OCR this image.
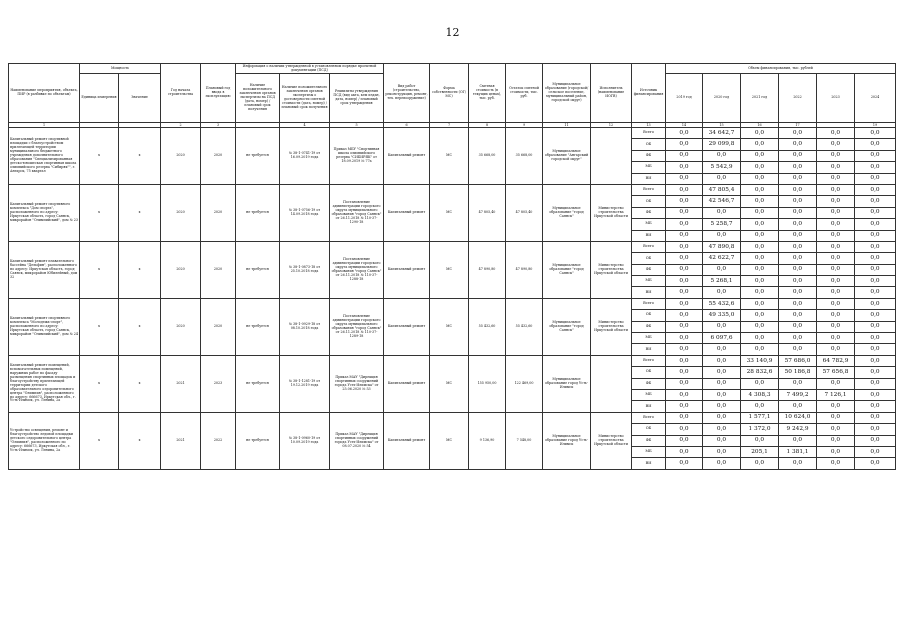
12
Наименование мероприятия, объекта, ПИР (в разбивке по объектам)	Мощность		Год начала строительства	Плановый год ввода в эксплуатацию	Информация о наличии утвержденной в установленном порядке проектной документации (ПСД)			Вид работ (строительство, реконструкция, ремонт, тех. перевооружение)	Форма собственности (ОГ/ МС)	Сметная стоимость (в текущих ценах), тыс. руб.	Остаток сметной стоимости, тыс. руб.	Муниципальное образование (городской/сельское поселение, муниципальный район, городской округ)	Исполнитель (наименование ИОГВ)	Источник финансирования	Объем финансирования, тыс. рублей					
	Единица измерения	Значение																		
					Наличие положительного заключения органов экспертизы на ПСД (дата, номер) / плановый срок получения	Наличие положительного заключения органов экспертизы о достоверности сметной стоимости (дата, номер) / плановый срок получения	Реквизиты утверждения ПСД (вид акта, кем издан, дата, номер) / плановый срок утверждения								2019 год	2020 год	2021 год	2022	2023	2024
1			2	3		4	5	6	7	8	9	11	12	13	14	15	16	17		19
Капитальный ремонт спортивной площадки с благоустройством прилегающей территории муниципального бюджетного учреждения дополнительного образования "Специализированная детско-юношеская спортивная школа олимпийского резерва "Сибиряк"", г. Ангарск, 75 квартал	x	x	2020	2020	не требуется	№ 38-1-0741-19 от 16.09.2019 года	Приказ МБУ "Спортивная школа олимпийского резерва "СИБИРЯК" от 18.09.2019 № 77а	Капитальный ремонт	МС	35 668,00	35 668,00	Муниципальное образование "Ангарский городской округ"		Всего	0,0	34 642,7	0,0	0,0	0,0	0,0
														ОБ	0,0	29 099,8	0,0	0,0	0,0	0,0
														ФБ	0,0	0,0	0,0	0,0	0,0	0,0
														МБ	0,0	5 542,9	0,0	0,0	0,0	0,0
														ВИ	0,0	0,0	0,0	0,0	0,0	0,0
Капитальный ремонт спортивного комплекса "Дом спорта", расположенного по адресу: Иркутская область, город Саянск, микрорайон "Олимпийский", дом № 23	x	x	2020	2020	не требуется	№ 38-1-0756-19 от 14.09.2018 года	Постановление администрации городского округа муниципального образования "город Саянск" от 26.11.2018 № 110-37-1290-18	Капитальный ремонт	МС	47 805,40	47 805,40	Муниципальное образование "город Саянск"	Министерство строительства Иркутской области	Всего	0,0	47 805,4	0,0	0,0	0,0	0,0
														ОБ	0,0	42 546,7	0,0	0,0	0,0	0,0
														ФБ	0,0	0,0	0,0	0,0	0,0	0,0
														МБ	0,0	5 258,7	0,0	0,0	0,0	0,0
														ВИ	0,0	0,0	0,0	0,0	0,0	0,0
Капитальный ремонт плавательного бассейна "Дельфин", расположенного по адресу: Иркутская область, город Саянск, микрорайон Юбилейный, дом 32	x	x	2020	2020	не требуется	№ 38-1-0873-18 от 25.10.2018 года	Постановление администрации городского округа муниципального образования "город Саянск" от 26.11.2018 № 110-37-1288-18	Капитальный ремонт	МС	47 890,80	47 890,80	Муниципальное образование "город Саянск"	Министерство строительства Иркутской области	Всего	0,0	47 890,8	0,0	0,0	0,0	0,0
														ОБ	0,0	42 622,7	0,0	0,0	0,0	0,0
														ФБ	0,0	0,0	0,0	0,0	0,0	0,0
														МБ	0,0	5 268,1	0,0	0,0	0,0	0,0
														ВИ	0,0	0,0	0,0	0,0	0,0	0,0
Капитальный ремонт спортивного комплекса "Молодежь-спорт", расположенного по адресу: Иркутская область, город Саянск, микрорайон "Олимпийский", дом № 24	x	x	2020	2020	не требуется	№ 38-1-0929-18 от 08.10.2018 года	Постановление администрации городского округа муниципального образования "город Саянск" от 26.11.2018 № 110-37-1289-18	Капитальный ремонт	МС	55 432,60	55 432,60	Муниципальное образование "город Саянск"	Министерство строительства Иркутской области	Всего	0,0	55 432,6	0,0	0,0	0,0	0,0
														ОБ	0,0	49 335,0	0,0	0,0	0,0	0,0
														ФБ	0,0	0,0	0,0	0,0	0,0	0,0
														МБ	0,0	6 097,6	0,0	0,0	0,0	0,0
														ВИ	0,0	0,0	0,0	0,0	0,0	0,0
Капитальный ремонт помещений, вспомогательных помещений, наружных работ по фасаду размещения спортивных площадок и благоустройству прилегающей территории детского образовательного оздоровительного центра "Олимпия", расположенного по адресу: 666673, Иркутская обл., г. Усть-Илимск, ул. Ленина, 2а	x	x	2021	2023	не требуется	№ 38-1-1281-19 от 19.12.2019 года	Приказ МАУ "Дирекция спортивных сооружений города Усть-Илимска" от 25.06.2020 № 53	Капитальный ремонт	МС	155 950,00	122 469,00	Муниципальное образование город Усть-Илимск		Всего	0,0	0,0	33 140,9	57 686,0	64 782,9	0,0
														ОБ	0,0	0,0	28 832,6	50 186,8	57 656,8	0,0
														ФБ	0,0	0,0	0,0	0,0	0,0	0,0
														МБ	0,0	0,0	4 308,3	7 499,2	7 126,1	0,0
														ВИ	0,0	0,0	0,0	0,0	0,0	0,0
Устройство освещения, ремонт и благоустройство ледовой площадки детского оздоровительного центра "Олимпия", расположенного по адресу: 666673, Иркутская обл., г. Усть-Илимск, ул. Ленина, 2а	x	x	2021	2022	не требуется	№ 38-1-0960-19 от 10.09.2019 года	Приказ МАУ "Дирекция спортивных сооружений города Усть-Илимска" от 08.07.2020 № 54	Капитальный ремонт	МС	9 136,90	7 548,00	Муниципальное образование город Усть-Илимск	Министерство строительства Иркутской области	Всего	0,0	0,0	1 577,1	10 624,0	0,0	0,0
														ОБ	0,0	0,0	1 372,0	9 242,9	0,0	0,0
														ФБ	0,0	0,0	0,0	0,0	0,0	0,0
														МБ	0,0	0,0	205,1	1 381,1	0,0	0,0
														ВИ	0,0	0,0	0,0	0,0	0,0	0,0
